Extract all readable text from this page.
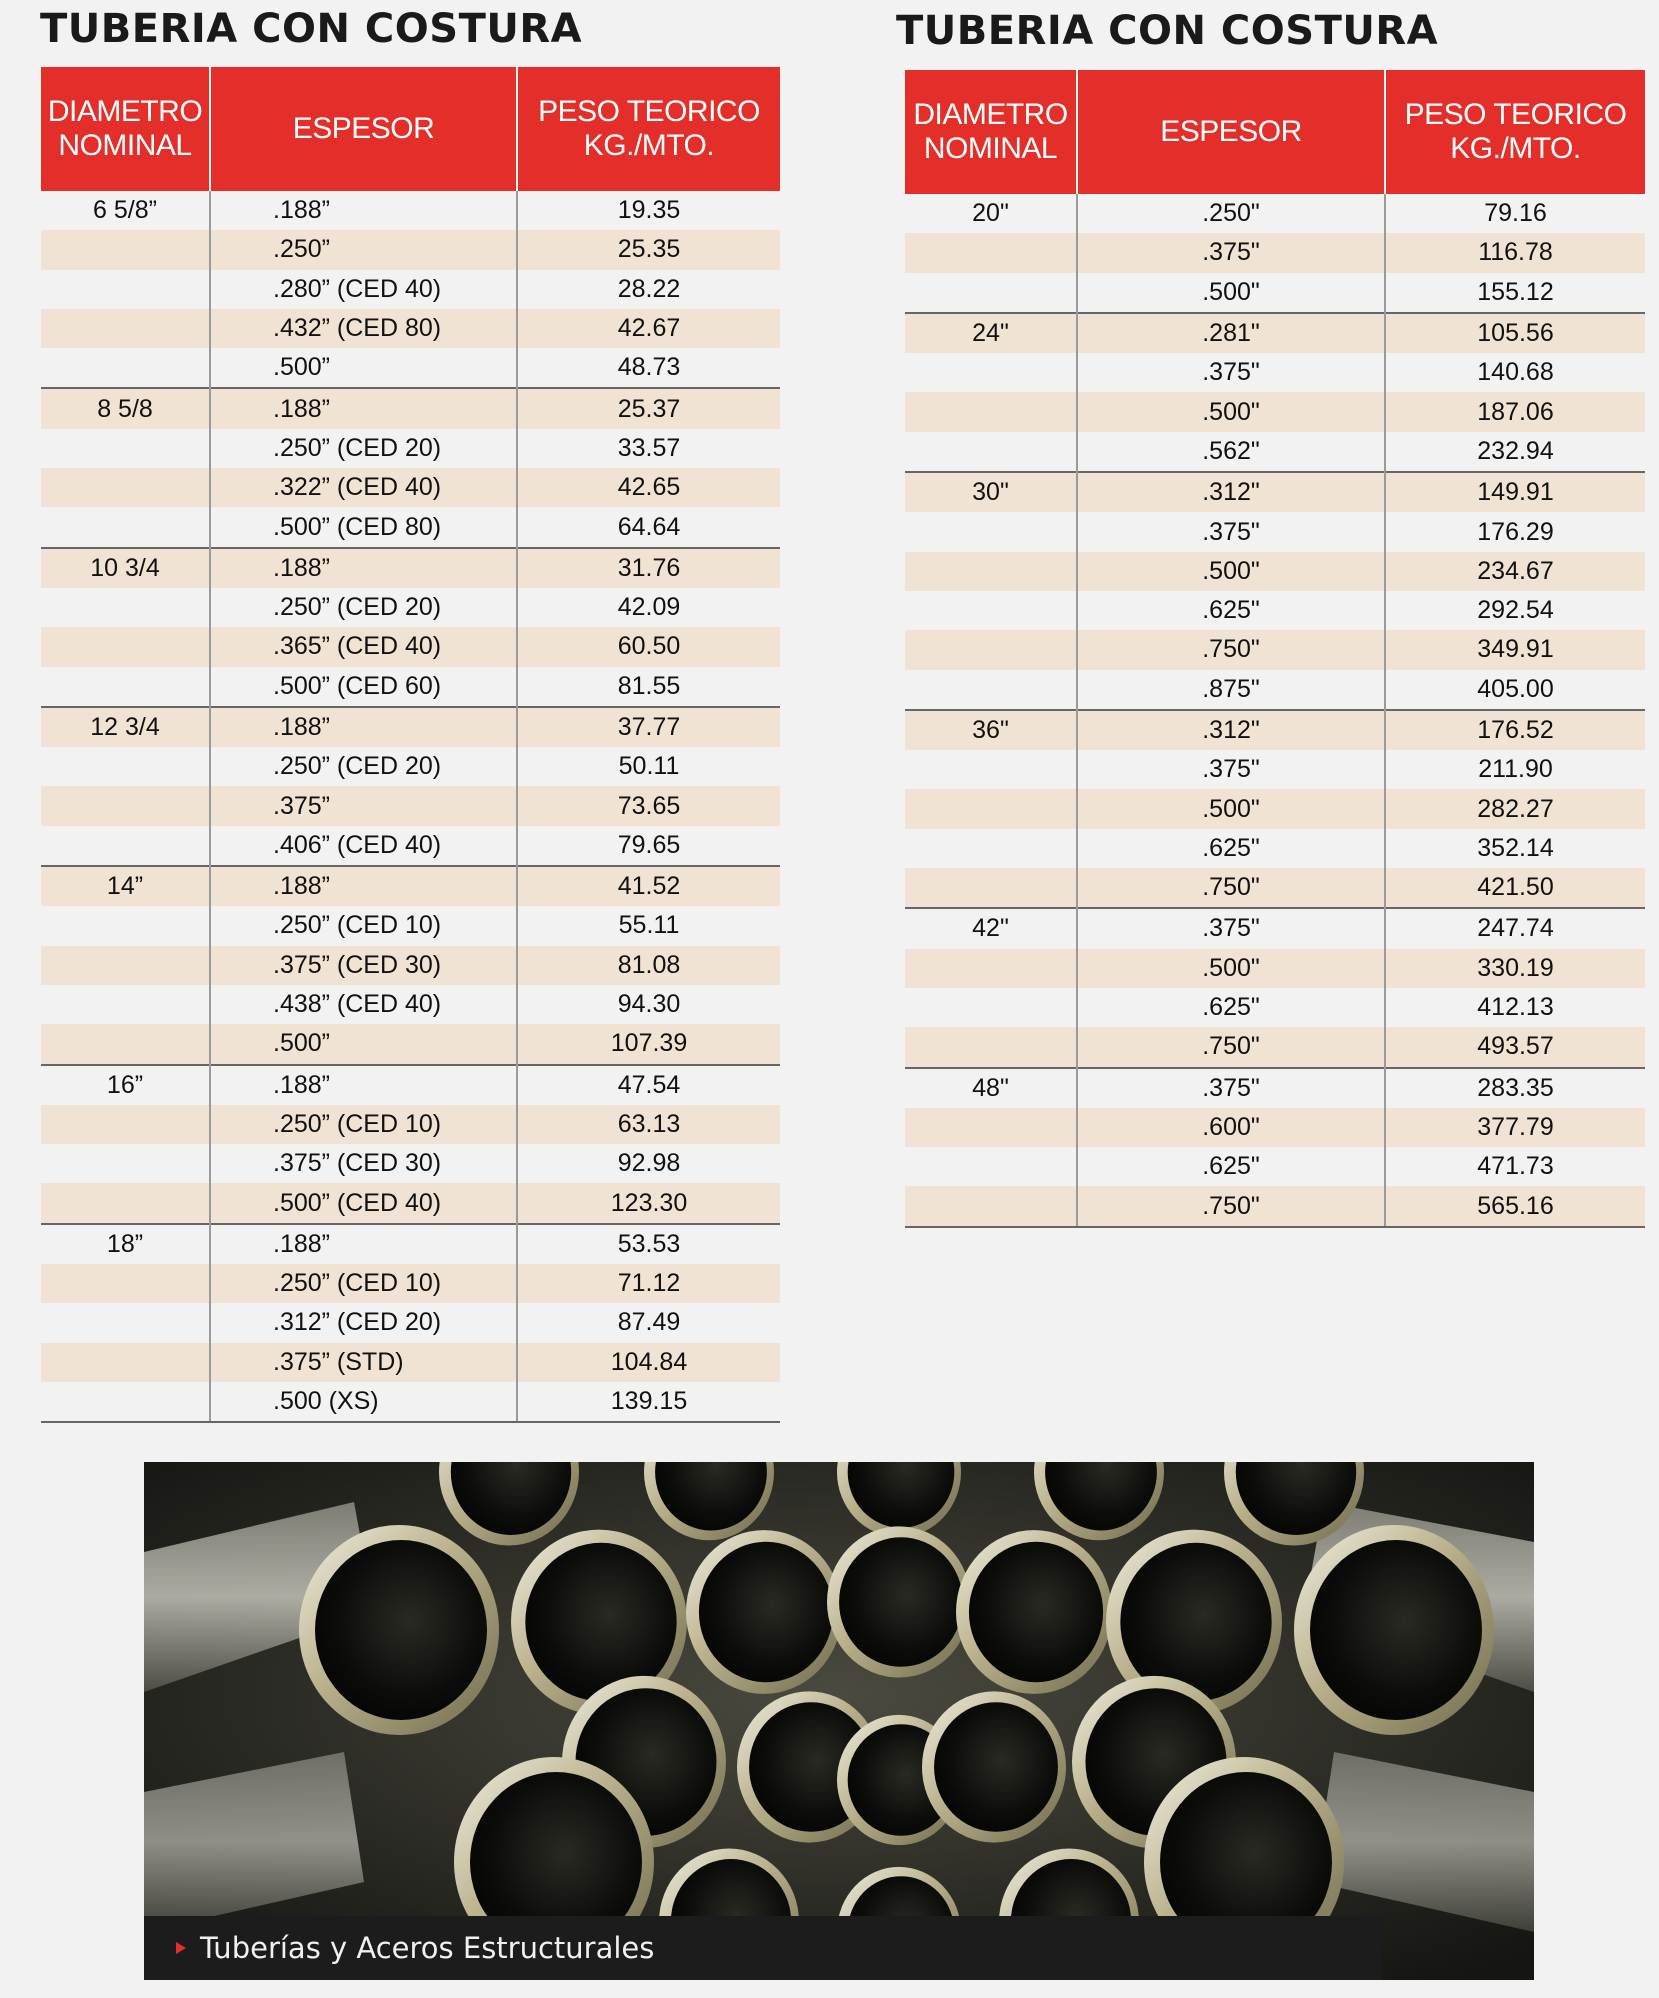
TUBERIA CON COSTURA	TUBERIA CON COSTURA
DIAMETRO NOMINAL	ESPESOR	PESO TEORICO KG./MTO.
6 5/8”	.188”	19.35
	.250”	25.35
	.280” (CED 40)	28.22
	.432” (CED 80)	42.67
	.500”	48.73
8 5/8	.188”	25.37
	.250” (CED 20)	33.57
	.322” (CED 40)	42.65
	.500” (CED 80)	64.64
10 3/4	.188”	31.76
	.250” (CED 20)	42.09
	.365” (CED 40)	60.50
	.500” (CED 60)	81.55
12 3/4	.188”	37.77
	.250” (CED 20)	50.11
	.375”	73.65
	.406” (CED 40)	79.65
14”	.188”	41.52
	.250” (CED 10)	55.11
	.375” (CED 30)	81.08
	.438” (CED 40)	94.30
	.500”	107.39
16”	.188”	47.54
	.250” (CED 10)	63.13
	.375” (CED 30)	92.98
	.500” (CED 40)	123.30
18”	.188”	53.53
	.250” (CED 10)	71.12
	.312” (CED 20)	87.49
	.375” (STD)	104.84
	.500 (XS)	139.15
DIAMETRO NOMINAL	ESPESOR	PESO TEORICO KG./MTO.
20"	.250"	79.16
	.375"	116.78
	.500"	155.12
24"	.281"	105.56
	.375"	140.68
	.500"	187.06
	.562"	232.94
30"	.312"	149.91
	.375"	176.29
	.500"	234.67
	.625"	292.54
	.750"	349.91
	.875"	405.00
36"	.312"	176.52
	.375"	211.90
	.500"	282.27
	.625"	352.14
	.750"	421.50
42"	.375"	247.74
	.500"	330.19
	.625"	412.13
	.750"	493.57
48"	.375"	283.35
	.600"	377.79
	.625"	471.73
	.750"	565.16
Tuberías y Aceros Estructurales
